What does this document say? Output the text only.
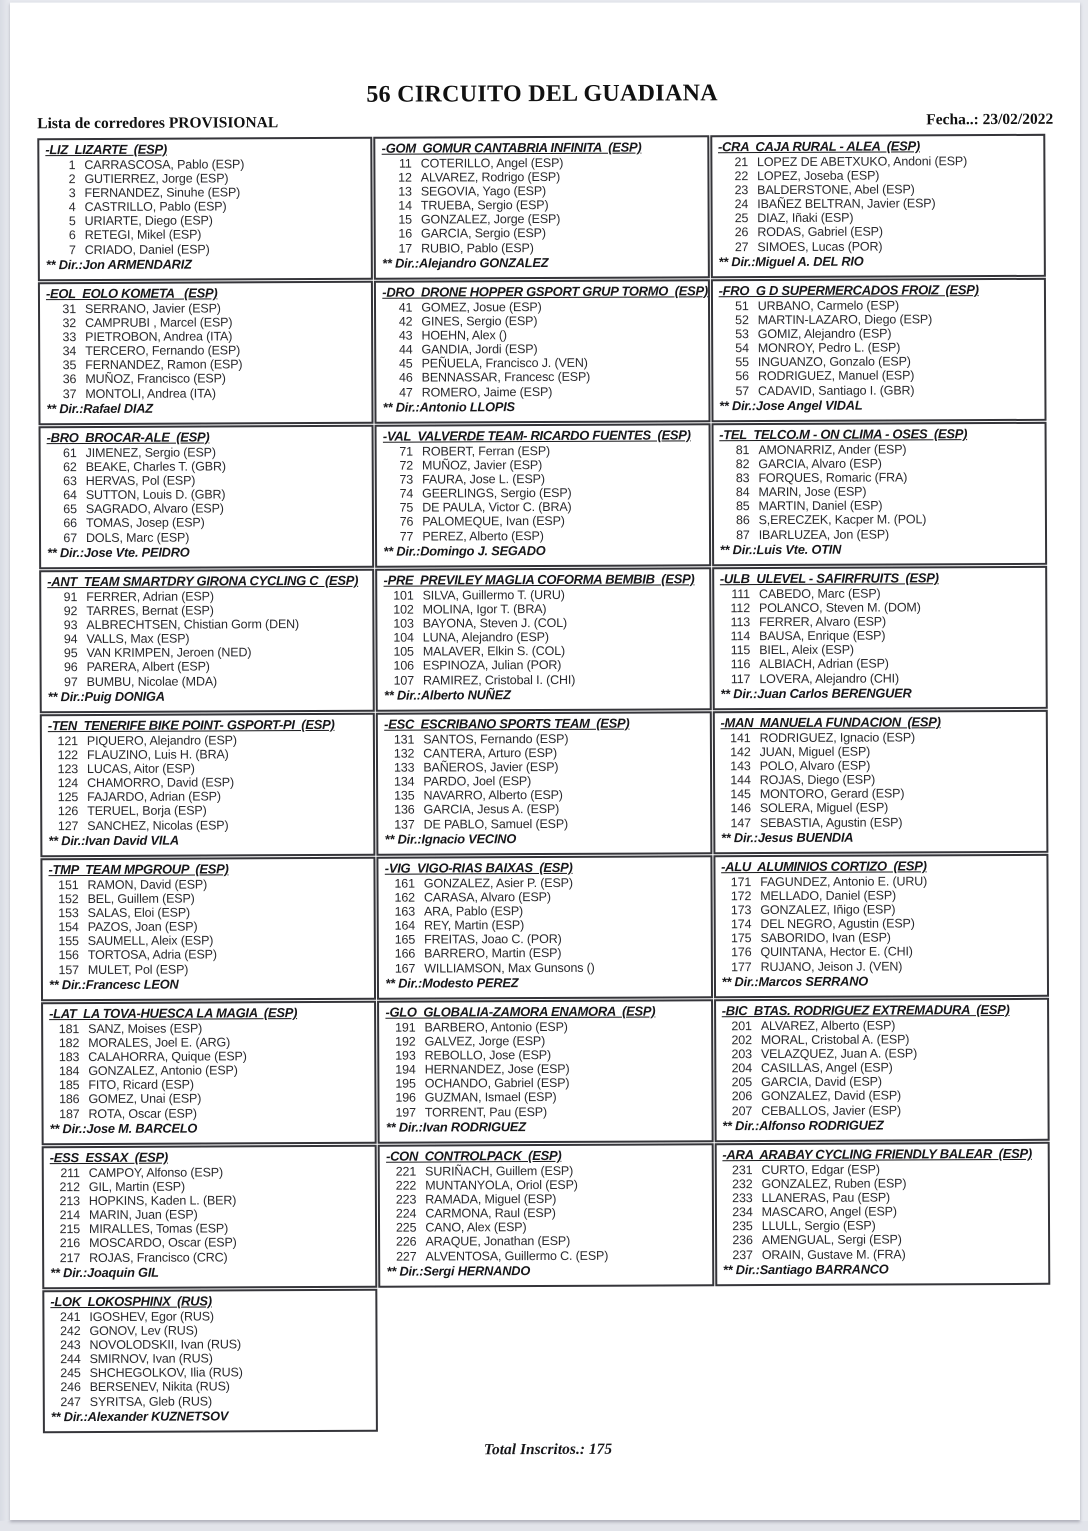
56 CIRCUITO DEL GUADIANA
Lista de corredores PROVISIONAL	Fecha..: 23/02/2022
-LIZ  LIZARTE  (ESP)
1 CARRASCOSA, Pablo (ESP)
2 GUTIERREZ, Jorge (ESP)
3 FERNANDEZ, Sinuhe (ESP)
4 CASTRILLO, Pablo (ESP)
5 URIARTE, Diego (ESP)
6 RETEGI, Mikel (ESP)
7 CRIADO, Daniel (ESP)
** Dir.:Jon ARMENDARIZ
-GOM  GOMUR CANTABRIA INFINITA  (ESP)
11 COTERILLO, Angel (ESP)
12 ALVAREZ, Rodrigo (ESP)
13 SEGOVIA, Yago (ESP)
14 TRUEBA, Sergio (ESP)
15 GONZALEZ, Jorge (ESP)
16 GARCIA, Sergio (ESP)
17 RUBIO, Pablo (ESP)
** Dir.:Alejandro GONZALEZ
-CRA  CAJA RURAL - ALEA  (ESP)
21 LOPEZ DE ABETXUKO, Andoni (ESP)
22 LOPEZ, Joseba (ESP)
23 BALDERSTONE, Abel (ESP)
24 IBAÑEZ BELTRAN, Javier (ESP)
25 DIAZ, Iñaki (ESP)
26 RODAS, Gabriel (ESP)
27 SIMOES, Lucas (POR)
** Dir.:Miguel A. DEL RIO
-EOL  EOLO KOMETA   (ESP)
31 SERRANO, Javier (ESP)
32 CAMPRUBI , Marcel (ESP)
33 PIETROBON, Andrea (ITA)
34 TERCERO, Fernando (ESP)
35 FERNANDEZ, Ramon (ESP)
36 MUÑOZ, Francisco (ESP)
37 MONTOLI, Andrea (ITA)
** Dir.:Rafael DIAZ
-DRO  DRONE HOPPER GSPORT GRUP TORMO  (ESP)
41 GOMEZ, Josue (ESP)
42 GINES, Sergio (ESP)
43 HOEHN, Alex ()
44 GANDIA, Jordi (ESP)
45 PEÑUELA, Francisco J. (VEN)
46 BENNASSAR, Francesc (ESP)
47 ROMERO, Jaime (ESP)
** Dir.:Antonio LLOPIS
-FRO  G D SUPERMERCADOS FROIZ  (ESP)
51 URBANO, Carmelo (ESP)
52 MARTIN-LAZARO, Diego (ESP)
53 GOMIZ, Alejandro (ESP)
54 MONROY, Pedro L. (ESP)
55 INGUANZO, Gonzalo (ESP)
56 RODRIGUEZ, Manuel (ESP)
57 CADAVID, Santiago I. (GBR)
** Dir.:Jose Angel VIDAL
-BRO  BROCAR-ALE  (ESP)
61 JIMENEZ, Sergio (ESP)
62 BEAKE, Charles T. (GBR)
63 HERVAS, Pol (ESP)
64 SUTTON, Louis D. (GBR)
65 SAGRADO, Alvaro (ESP)
66 TOMAS, Josep (ESP)
67 DOLS, Marc (ESP)
** Dir.:Jose Vte. PEIDRO
-VAL  VALVERDE TEAM- RICARDO FUENTES  (ESP)
71 ROBERT, Ferran (ESP)
72 MUÑOZ, Javier (ESP)
73 FAURA, Jose L. (ESP)
74 GEERLINGS, Sergio (ESP)
75 DE PAULA, Victor C. (BRA)
76 PALOMEQUE, Ivan (ESP)
77 PEREZ, Alberto (ESP)
** Dir.:Domingo J. SEGADO
-TEL  TELCO.M - ON CLIMA - OSES  (ESP)
81 AMONARRIZ, Ander (ESP)
82 GARCIA, Alvaro (ESP)
83 FORQUES, Romaric (FRA)
84 MARIN, Jose (ESP)
85 MARTIN, Daniel (ESP)
86 S,ERECZEK, Kacper M. (POL)
87 IBARLUZEA, Jon (ESP)
** Dir.:Luis Vte. OTIN
-ANT  TEAM SMARTDRY GIRONA CYCLING C  (ESP)
91 FERRER, Adrian (ESP)
92 TARRES, Bernat (ESP)
93 ALBRECHTSEN, Chistian Gorm (DEN)
94 VALLS, Max (ESP)
95 VAN KRIMPEN, Jeroen (NED)
96 PARERA, Albert (ESP)
97 BUMBU, Nicolae (MDA)
** Dir.:Puig DONIGA
-PRE  PREVILEY MAGLIA COFORMA BEMBIB  (ESP)
101 SILVA, Guillermo T. (URU)
102 MOLINA, Igor T. (BRA)
103 BAYONA, Steven J. (COL)
104 LUNA, Alejandro (ESP)
105 MALAVER, Elkin S. (COL)
106 ESPINOZA, Julian (POR)
107 RAMIREZ, Cristobal I. (CHI)
** Dir.:Alberto NUÑEZ
-ULB  ULEVEL - SAFIRFRUITS  (ESP)
111 CABEDO, Marc (ESP)
112 POLANCO, Steven M. (DOM)
113 FERRER, Alvaro (ESP)
114 BAUSA, Enrique (ESP)
115 BIEL, Aleix (ESP)
116 ALBIACH, Adrian (ESP)
117 LOVERA, Alejandro (CHI)
** Dir.:Juan Carlos BERENGUER
-TEN  TENERIFE BIKE POINT- GSPORT-PI  (ESP)
121 PIQUERO, Alejandro (ESP)
122 FLAUZINO, Luis H. (BRA)
123 LUCAS, Aitor (ESP)
124 CHAMORRO, David (ESP)
125 FAJARDO, Adrian (ESP)
126 TERUEL, Borja (ESP)
127 SANCHEZ, Nicolas (ESP)
** Dir.:Ivan David VILA
-ESC  ESCRIBANO SPORTS TEAM  (ESP)
131 SANTOS, Fernando (ESP)
132 CANTERA, Arturo (ESP)
133 BAÑEROS, Javier (ESP)
134 PARDO, Joel (ESP)
135 NAVARRO, Alberto (ESP)
136 GARCIA, Jesus A. (ESP)
137 DE PABLO, Samuel (ESP)
** Dir.:Ignacio VECINO
-MAN  MANUELA FUNDACION  (ESP)
141 RODRIGUEZ, Ignacio (ESP)
142 JUAN, Miguel (ESP)
143 POLO, Alvaro (ESP)
144 ROJAS, Diego (ESP)
145 MONTORO, Gerard (ESP)
146 SOLERA, Miguel (ESP)
147 SEBASTIA, Agustin (ESP)
** Dir.:Jesus BUENDIA
-TMP  TEAM MPGROUP  (ESP)
151 RAMON, David (ESP)
152 BEL, Guillem (ESP)
153 SALAS, Eloi (ESP)
154 PAZOS, Joan (ESP)
155 SAUMELL, Aleix (ESP)
156 TORTOSA, Adria (ESP)
157 MULET, Pol (ESP)
** Dir.:Francesc LEON
-VIG  VIGO-RIAS BAIXAS  (ESP)
161 GONZALEZ, Asier P. (ESP)
162 CARASA, Alvaro (ESP)
163 ARA, Pablo (ESP)
164 REY, Martin (ESP)
165 FREITAS, Joao C. (POR)
166 BARRERO, Martin (ESP)
167 WILLIAMSON, Max Gunsons ()
** Dir.:Modesto PEREZ
-ALU  ALUMINIOS CORTIZO  (ESP)
171 FAGUNDEZ, Antonio E. (URU)
172 MELLADO, Daniel (ESP)
173 GONZALEZ, Iñigo (ESP)
174 DEL NEGRO, Agustin (ESP)
175 SABORIDO, Ivan (ESP)
176 QUINTANA, Hector E. (CHI)
177 RUJANO, Jeison J. (VEN)
** Dir.:Marcos SERRANO
-LAT  LA TOVA-HUESCA LA MAGIA  (ESP)
181 SANZ, Moises (ESP)
182 MORALES, Joel E. (ARG)
183 CALAHORRA, Quique (ESP)
184 GONZALEZ, Antonio (ESP)
185 FITO, Ricard (ESP)
186 GOMEZ, Unai (ESP)
187 ROTA, Oscar (ESP)
** Dir.:Jose M. BARCELO
-GLO  GLOBALIA-ZAMORA ENAMORA  (ESP)
191 BARBERO, Antonio (ESP)
192 GALVEZ, Jorge (ESP)
193 REBOLLO, Jose (ESP)
194 HERNANDEZ, Jose (ESP)
195 OCHANDO, Gabriel (ESP)
196 GUZMAN, Ismael (ESP)
197 TORRENT, Pau (ESP)
** Dir.:Ivan RODRIGUEZ
-BIC  BTAS. RODRIGUEZ EXTREMADURA  (ESP)
201 ALVAREZ, Alberto (ESP)
202 MORAL, Cristobal A. (ESP)
203 VELAZQUEZ, Juan A. (ESP)
204 CASILLAS, Angel (ESP)
205 GARCIA, David (ESP)
206 GONZALEZ, David (ESP)
207 CEBALLOS, Javier (ESP)
** Dir.:Alfonso RODRIGUEZ
-ESS  ESSAX  (ESP)
211 CAMPOY, Alfonso (ESP)
212 GIL, Martin (ESP)
213 HOPKINS, Kaden L. (BER)
214 MARIN, Juan (ESP)
215 MIRALLES, Tomas (ESP)
216 MOSCARDO, Oscar (ESP)
217 ROJAS, Francisco (CRC)
** Dir.:Joaquin GIL
-CON  CONTROLPACK  (ESP)
221 SURIÑACH, Guillem (ESP)
222 MUNTANYOLA, Oriol (ESP)
223 RAMADA, Miguel (ESP)
224 CARMONA, Raul (ESP)
225 CANO, Alex (ESP)
226 ARAQUE, Jonathan (ESP)
227 ALVENTOSA, Guillermo C. (ESP)
** Dir.:Sergi HERNANDO
-ARA  ARABAY CYCLING FRIENDLY BALEAR  (ESP)
231 CURTO, Edgar (ESP)
232 GONZALEZ, Ruben (ESP)
233 LLANERAS, Pau (ESP)
234 MASCARO, Angel (ESP)
235 LLULL, Sergio (ESP)
236 AMENGUAL, Sergi (ESP)
237 ORAIN, Gustave M. (FRA)
** Dir.:Santiago BARRANCO
-LOK  LOKOSPHINX  (RUS)
241 IGOSHEV, Egor (RUS)
242 GONOV, Lev (RUS)
243 NOVOLODSKII, Ivan (RUS)
244 SMIRNOV, Ivan (RUS)
245 SHCHEGOLKOV, Ilia (RUS)
246 BERSENEV, Nikita (RUS)
247 SYRITSA, Gleb (RUS)
** Dir.:Alexander KUZNETSOV
Total Inscritos.: 175
